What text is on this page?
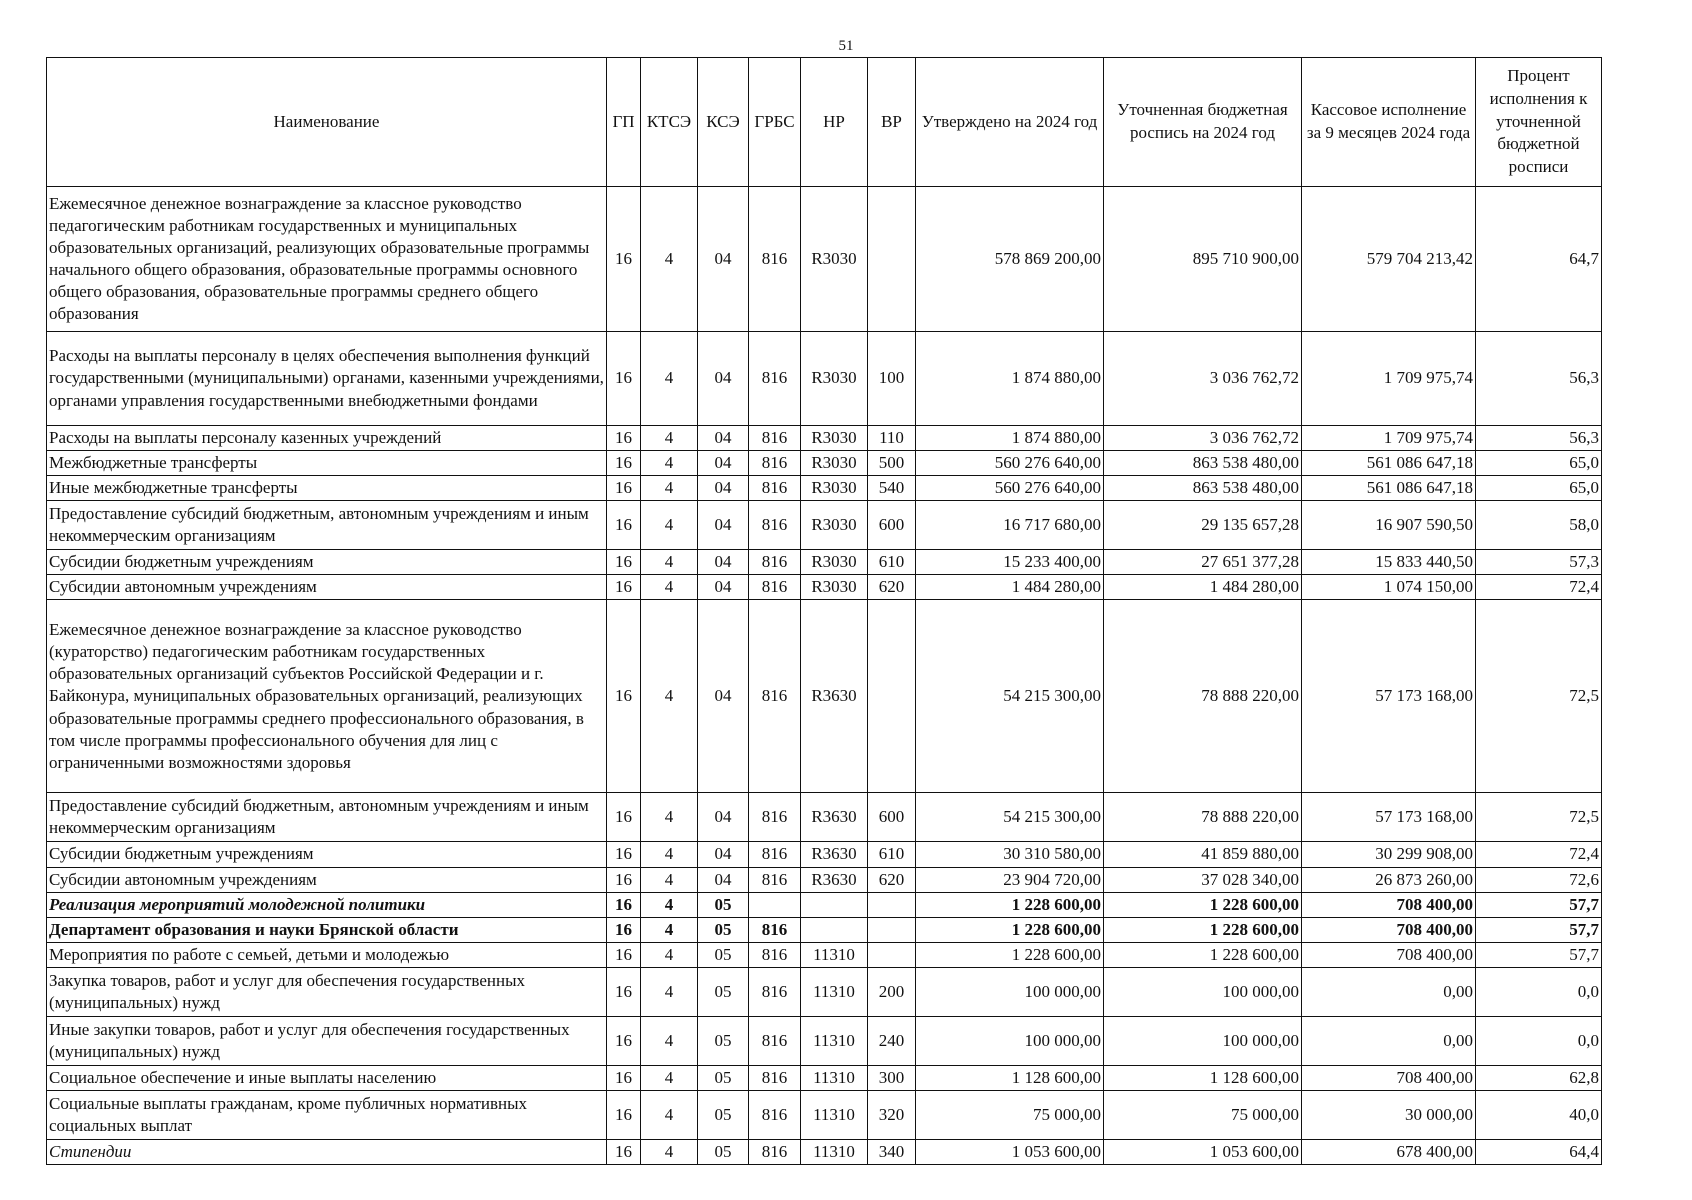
51
Наименование	ГП	КТСЭ	КСЭ	ГРБС	НР	ВР	Утверждено на 2024 год	Уточненная бюджетная роспись на 2024 год	Кассовое исполнение за 9 месяцев 2024 года	Процент исполнения к уточненной бюджетной росписи
Ежемесячное денежное вознаграждение за классное руководство педагогическим работникам государственных и муниципальных образовательных организаций, реализующих образовательные программы начального общего образования, образовательные программы основного общего образования, образовательные программы среднего общего образования	16	4	04	816	R3030		578 869 200,00	895 710 900,00	579 704 213,42	64,7
Расходы на выплаты персоналу в целях обеспечения выполнения функций государственными (муниципальными) органами, казенными учреждениями, органами управления государственными внебюджетными фондами	16	4	04	816	R3030	100	1 874 880,00	3 036 762,72	1 709 975,74	56,3
Расходы на выплаты персоналу казенных учреждений	16	4	04	816	R3030	110	1 874 880,00	3 036 762,72	1 709 975,74	56,3
Межбюджетные трансферты	16	4	04	816	R3030	500	560 276 640,00	863 538 480,00	561 086 647,18	65,0
Иные межбюджетные трансферты	16	4	04	816	R3030	540	560 276 640,00	863 538 480,00	561 086 647,18	65,0
Предоставление субсидий бюджетным, автономным учреждениям и иным некоммерческим организациям	16	4	04	816	R3030	600	16 717 680,00	29 135 657,28	16 907 590,50	58,0
Субсидии бюджетным учреждениям	16	4	04	816	R3030	610	15 233 400,00	27 651 377,28	15 833 440,50	57,3
Субсидии автономным учреждениям	16	4	04	816	R3030	620	1 484 280,00	1 484 280,00	1 074 150,00	72,4
Ежемесячное денежное вознаграждение за классное руководство (кураторство) педагогическим работникам государственных образовательных организаций субъектов Российской Федерации и г. Байконура, муниципальных образовательных организаций, реализующих образовательные программы среднего профессионального образования, в том числе программы профессионального обучения для лиц с ограниченными возможностями здоровья	16	4	04	816	R3630		54 215 300,00	78 888 220,00	57 173 168,00	72,5
Предоставление субсидий бюджетным, автономным учреждениям и иным некоммерческим организациям	16	4	04	816	R3630	600	54 215 300,00	78 888 220,00	57 173 168,00	72,5
Субсидии бюджетным учреждениям	16	4	04	816	R3630	610	30 310 580,00	41 859 880,00	30 299 908,00	72,4
Субсидии автономным учреждениям	16	4	04	816	R3630	620	23 904 720,00	37 028 340,00	26 873 260,00	72,6
Реализация мероприятий молодежной политики	16	4	05				1 228 600,00	1 228 600,00	708 400,00	57,7
Департамент образования и науки Брянской области	16	4	05	816			1 228 600,00	1 228 600,00	708 400,00	57,7
Мероприятия по работе с семьей, детьми и молодежью	16	4	05	816	11310		1 228 600,00	1 228 600,00	708 400,00	57,7
Закупка товаров, работ и услуг для обеспечения государственных (муниципальных) нужд	16	4	05	816	11310	200	100 000,00	100 000,00	0,00	0,0
Иные закупки товаров, работ и услуг для обеспечения государственных (муниципальных) нужд	16	4	05	816	11310	240	100 000,00	100 000,00	0,00	0,0
Социальное обеспечение и иные выплаты населению	16	4	05	816	11310	300	1 128 600,00	1 128 600,00	708 400,00	62,8
Социальные выплаты гражданам, кроме публичных нормативных социальных выплат	16	4	05	816	11310	320	75 000,00	75 000,00	30 000,00	40,0
Стипендии	16	4	05	816	11310	340	1 053 600,00	1 053 600,00	678 400,00	64,4
